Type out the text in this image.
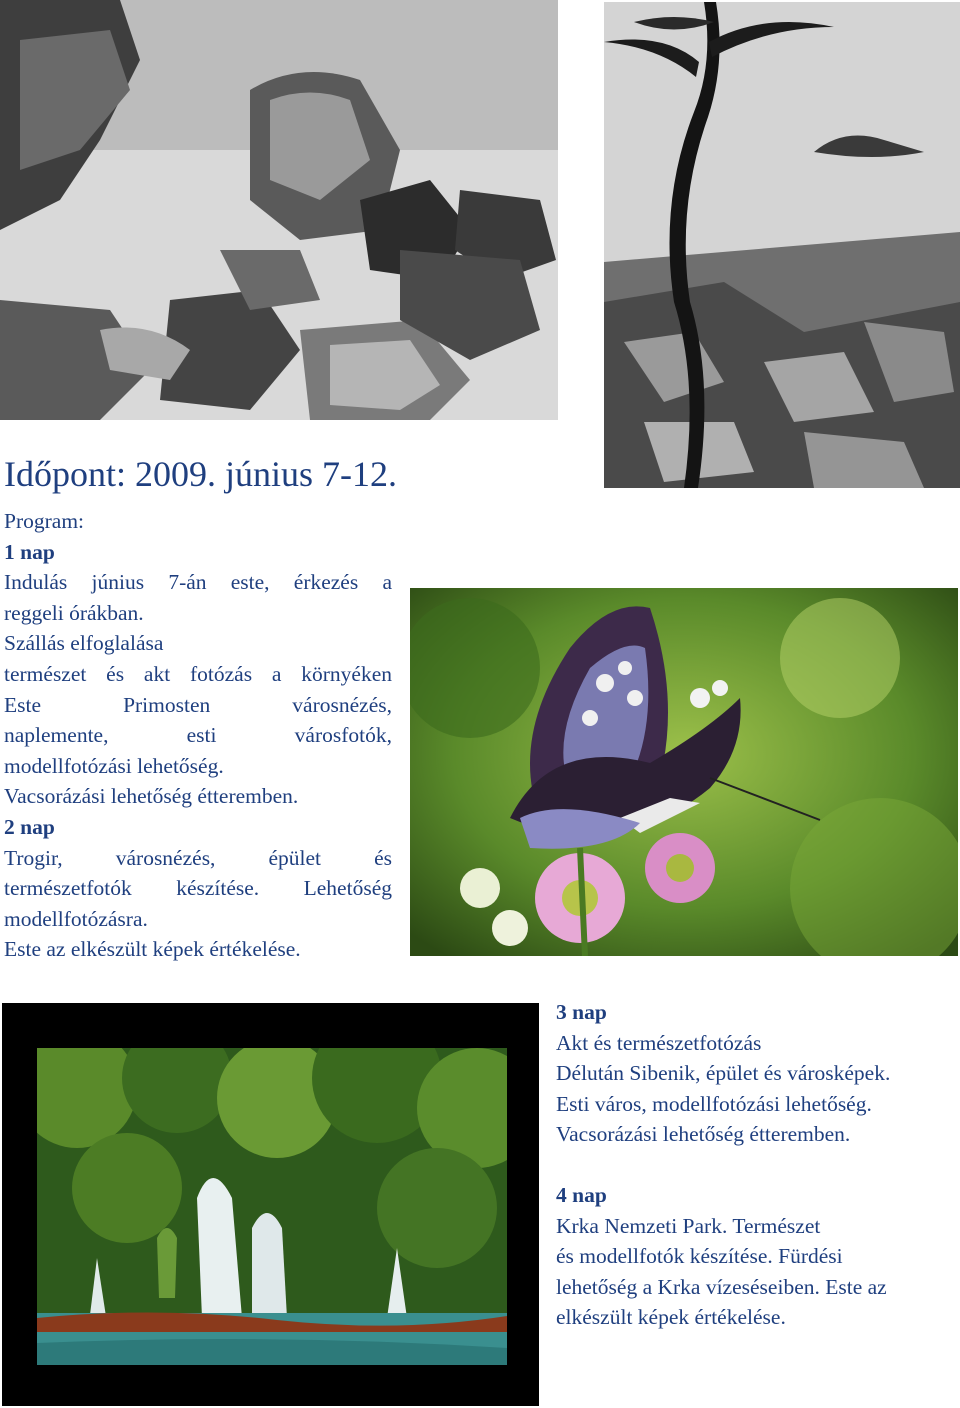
Időpont: 2009. június 7-12.

Program:

1 nap

Indulás június 7-án este, érkezés a

reggeli órákban.

Szállás elfoglalása

természet és akt fotózás a környéken

Este Primosten városnézés,

naplemente, esti városfotók,

modellfotózási lehetőség.

Vacsorázási lehetőség étteremben.

2 nap

Trogir, városnézés, épület és

természetfotók készítése. Lehetőség

modellfotózásra.

Este az elkészült képek értékelése.

3 nap

Akt és természetfotózás

Délután Sibenik, épület és városképek.

Esti város, modellfotózási lehetőség.

Vacsorázási lehetőség étteremben.

4 nap

Krka Nemzeti Park. Természet

és modellfotók készítése. Fürdési

lehetőség a Krka vízeséseiben. Este az

elkészült képek értékelése.
